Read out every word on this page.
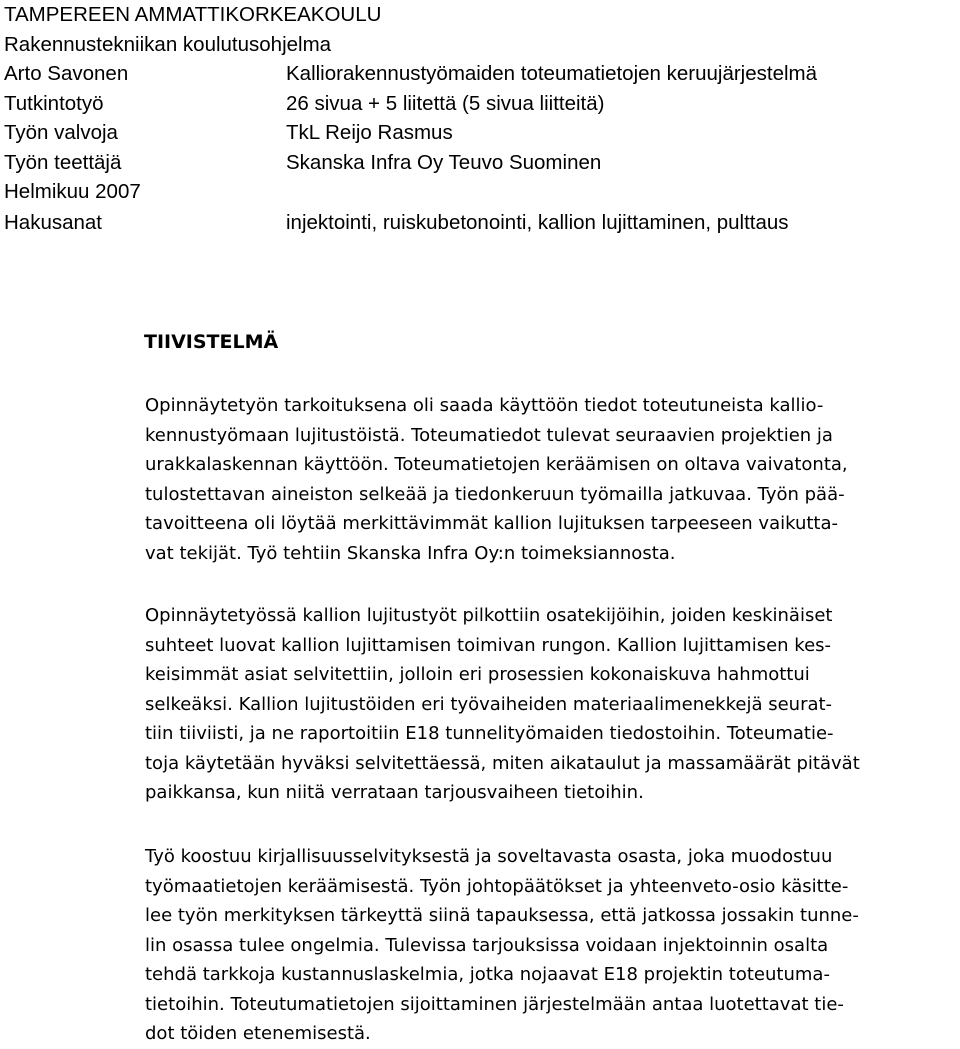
TAMPEREEN AMMATTIKORKEAKOULU
Rakennustekniikan koulutusohjelma
Arto Savonen	Kalliorakennustyömaiden toteumatietojen keruujärjestelmä
Tutkintotyö	26 sivua + 5 liitettä (5 sivua liitteitä)
Työn valvoja	TkL Reijo Rasmus
Työn teettäjä	Skanska Infra Oy Teuvo Suominen
Helmikuu 2007
Hakusanat	injektointi, ruiskubetonointi, kallion lujittaminen, pulttaus
TIIVISTELMÄ
Opinnäytetyön tarkoituksena oli saada käyttöön tiedot toteutuneista kallio-
kennustyömaan lujitustöistä. Toteumatiedot tulevat seuraavien projektien ja
urakkalaskennan käyttöön. Toteumatietojen keräämisen on oltava vaivatonta,
tulostettavan aineiston selkeää ja tiedonkeruun työmailla jatkuvaa. Työn pää-
tavoitteena oli löytää merkittävimmät kallion lujituksen tarpeeseen vaikutta-
vat tekijät. Työ tehtiin Skanska Infra Oy:n toimeksiannosta.
Opinnäytetyössä kallion lujitustyöt pilkottiin osatekijöihin, joiden keskinäiset
suhteet luovat kallion lujittamisen toimivan rungon. Kallion lujittamisen kes-
keisimmät asiat selvitettiin, jolloin eri prosessien kokonaiskuva hahmottui
selkeäksi. Kallion lujitustöiden eri työvaiheiden materiaalimenekkejä seurat-
tiin tiiviisti, ja ne raportoitiin E18 tunnelityömaiden tiedostoihin. Toteumatie-
toja käytetään hyväksi selvitettäessä, miten aikataulut ja massamäärät pitävät
paikkansa, kun niitä verrataan tarjousvaiheen tietoihin.
Työ koostuu kirjallisuusselvityksestä ja soveltavasta osasta, joka muodostuu
työmaatietojen keräämisestä. Työn johtopäätökset ja yhteenveto-osio käsitte-
lee työn merkityksen tärkeyttä siinä tapauksessa, että jatkossa jossakin tunne-
lin osassa tulee ongelmia. Tulevissa tarjouksissa voidaan injektoinnin osalta
tehdä tarkkoja kustannuslaskelmia, jotka nojaavat E18 projektin toteutuma-
tietoihin. Toteutumatietojen sijoittaminen järjestelmään antaa luotettavat tie-
dot töiden etenemisestä.
